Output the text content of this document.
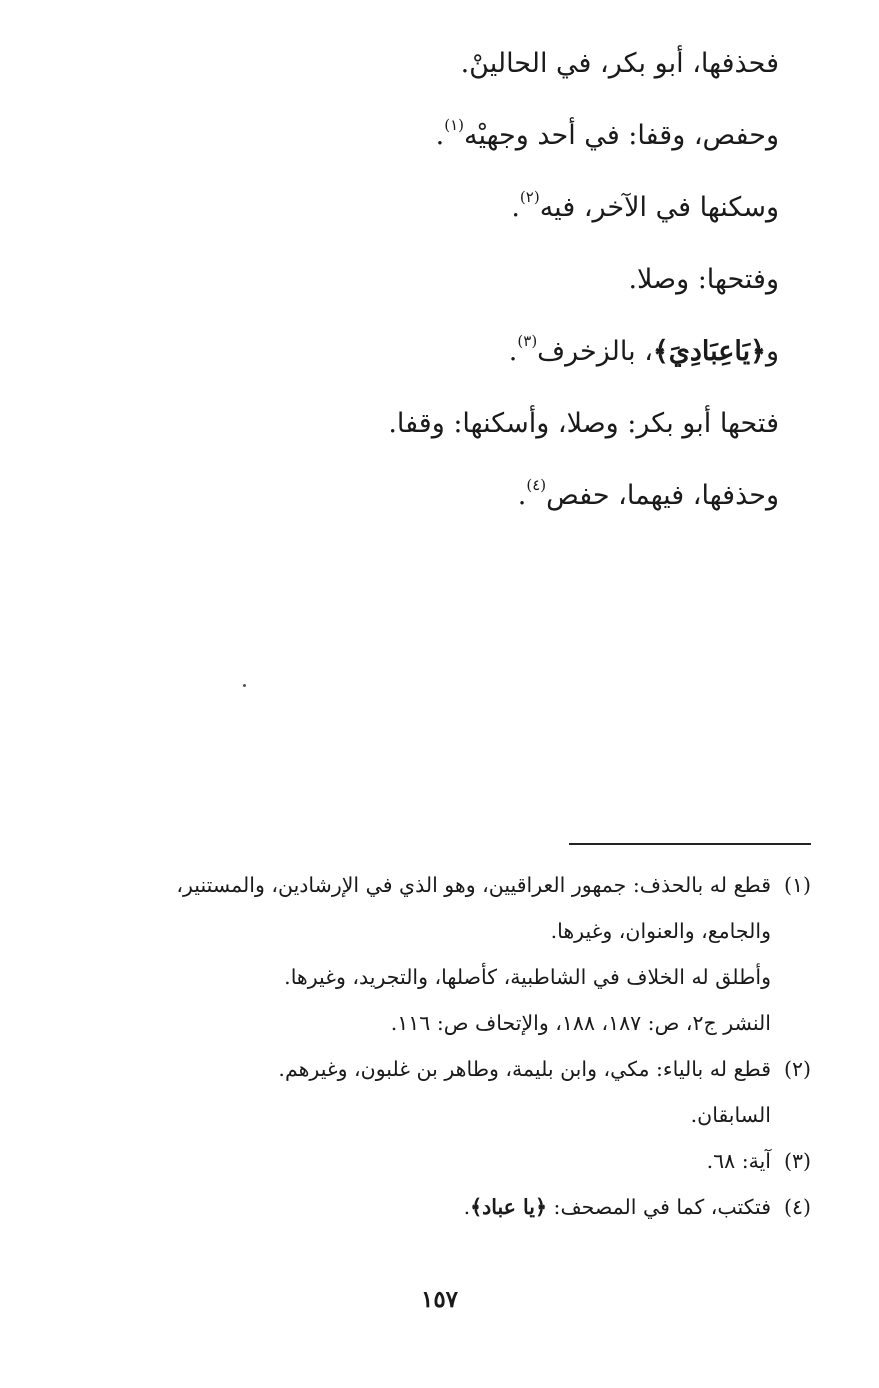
فحذفها، أبو بكر، في الحالينْ.
وحفص، وقفا: في أحد وجهيْه$^{(١)}$.
وسكنها في الآخر، فيه$^{(٢)}$.
وفتحها: وصلا.
و﴿يَاعِبَادِيَ﴾، بالزخرف$^{(٣)}$.
فتحها أبو بكر: وصلا، وأسكنها: وقفا.
وحذفها، فيهما، حفص$^{(٤)}$.
(١)

قطع له بالحذف: جمهور العراقيين، وهو الذي في الإرشادين، والمستنير،

والجامع، والعنوان، وغيرها.

وأطلق له الخلاف في الشاطبية، كأصلها، والتجريد، وغيرها.

النشر ج٢، ص: ١٨٧، ١٨٨، والإتحاف ص: ١١٦.

(٢)

قطع له بالياء: مكي، وابن بليمة، وطاهر بن غلبون، وغيرهم.

السابقان.

(٣)

آية: ٦٨.

(٤)

فتكتب، كما في المصحف: ﴿يا عباد﴾.

١٥٧
